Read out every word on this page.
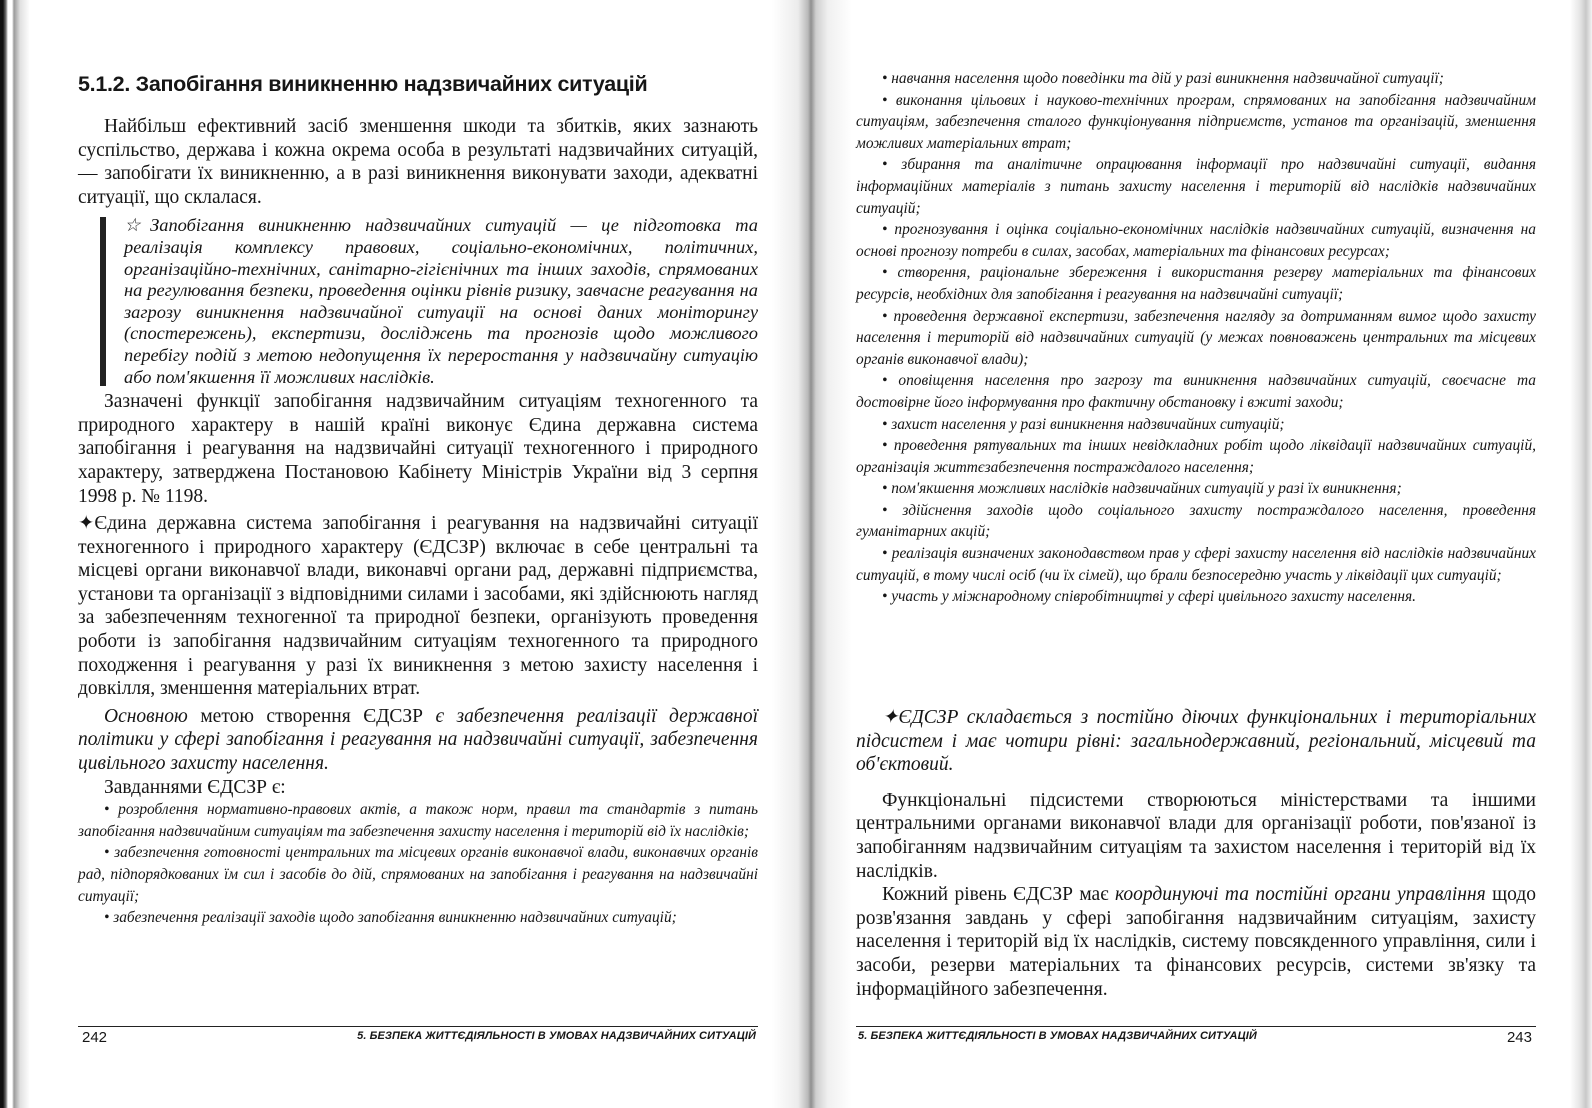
5.1.2. Запобігання виникненню надзвичайних ситуацій

Найбільш ефективний засіб зменшення шкоди та збитків, яких зазнають суспільство, держава і кожна окрема особа в результаті надзвичайних ситуацій, — запобігати їх виникненню, а в разі виникнення виконувати заходи, адекватні ситуації, що склалася.

☆Запобігання виникненню надзвичайних ситуацій — це підготовка та реалізація комплексу правових, соціально-економічних, політичних, організаційно-технічних, санітарно-гігієнічних та інших заходів, спрямованих на регулювання безпеки, проведення оцінки рівнів ризику, завчасне реагування на загрозу виникнення надзвичайної ситуації на основі даних моніторингу (спостережень), експертизи, досліджень та прогнозів щодо можливого перебігу подій з метою недопущення їх переростання у надзвичайну ситуацію або пом'якшення її можливих наслідків.

Зазначені функції запобігання надзвичайним ситуаціям техногенного та природного характеру в нашій країні виконує Єдина державна система запобігання і реагування на надзвичайні ситуації техногенного і природного характеру, затверджена Постановою Кабінету Міністрів України від 3 серпня 1998 р. № 1198.

✦Єдина державна система запобігання і реагування на надзвичайні ситуації техногенного і природного характеру (ЄДСЗР) включає в себе центральні та місцеві органи виконавчої влади, виконавчі органи рад, державні підприємства, установи та організації з відповідними силами і засобами, які здійснюють нагляд за забезпеченням техногенної та природної безпеки, організують проведення роботи із запобігання надзвичайним ситуаціям техногенного та природного походження і реагування у разі їх виникнення з метою захисту населення і довкілля, зменшення матеріальних втрат.

Основною метою створення ЄДСЗР є забезпечення реалізації державної політики у сфері запобігання і реагування на надзвичайні ситуації, забезпечення цивільного захисту населення.

Завданнями ЄДСЗР є:

• розроблення нормативно-правових актів, а також норм, правил та стандартів з питань запобігання надзвичайним ситуаціям та забезпечення захисту населення і територій від їх наслідків;

• забезпечення готовності центральних та місцевих органів виконавчої влади, виконавчих органів рад, підпорядкованих їм сил і засобів до дій, спрямованих на запобігання і реагування на надзвичайні ситуації;

• забезпечення реалізації заходів щодо запобігання виникненню надзвичайних ситуацій;

• навчання населення щодо поведінки та дій у разі виникнення надзвичайної ситуації;

• виконання цільових і науково-технічних програм, спрямованих на запобігання надзвичайним ситуаціям, забезпечення сталого функціонування підприємств, установ та організацій, зменшення можливих матеріальних втрат;

• збирання та аналітичне опрацювання інформації про надзвичайні ситуації, видання інформаційних матеріалів з питань захисту населення і територій від наслідків надзвичайних ситуацій;

• прогнозування і оцінка соціально-економічних наслідків надзвичайних ситуацій, визначення на основі прогнозу потреби в силах, засобах, матеріальних та фінансових ресурсах;

• створення, раціональне збереження і використання резерву матеріальних та фінансових ресурсів, необхідних для запобігання і реагування на надзвичайні ситуації;

• проведення державної експертизи, забезпечення нагляду за дотриманням вимог щодо захисту населення і територій від надзвичайних ситуацій (у межах повноважень центральних та місцевих органів виконавчої влади);

• оповіщення населення про загрозу та виникнення надзвичайних ситуацій, своєчасне та достовірне його інформування про фактичну обстановку і вжиті заходи;

• захист населення у разі виникнення надзвичайних ситуацій;

• проведення рятувальних та інших невідкладних робіт щодо ліквідації надзвичайних ситуацій, організація життєзабезпечення постраждалого населення;

• пом'якшення можливих наслідків надзвичайних ситуацій у разі їх виникнення;

• здійснення заходів щодо соціального захисту постраждалого населення, проведення гуманітарних акцій;

• реалізація визначених законодавством прав у сфері захисту населення від наслідків надзвичайних ситуацій, в тому числі осіб (чи їх сімей), що брали безпосередню участь у ліквідації цих ситуацій;

• участь у міжнародному співробітництві у сфері цивільного захисту населення.

✦ЄДСЗР складається з постійно діючих функціональних і територіальних підсистем і має чотири рівні: загальнодержавний, регіональний, місцевий та об'єктовий.

Функціональні підсистеми створюються міністерствами та іншими центральними органами виконавчої влади для організації роботи, пов'язаної із запобіганням надзвичайним ситуаціям та захистом населення і територій від їх наслідків.

Кожний рівень ЄДСЗР має координуючі та постійні органи управління щодо розв'язання завдань у сфері запобігання надзвичайним ситуаціям, захисту населення і територій від їх наслідків, систему повсякденного управління, сили і засоби, резерви матеріальних та фінансових ресурсів, системи зв'язку та інформаційного забезпечення.

242	5. БЕЗПЕКА ЖИТТЄДІЯЛЬНОСТІ В УМОВАХ НАДЗВИЧАЙНИХ СИТУАЦІЙ	5. БЕЗПЕКА ЖИТТЄДІЯЛЬНОСТІ В УМОВАХ НАДЗВИЧАЙНИХ СИТУАЦІЙ	243
